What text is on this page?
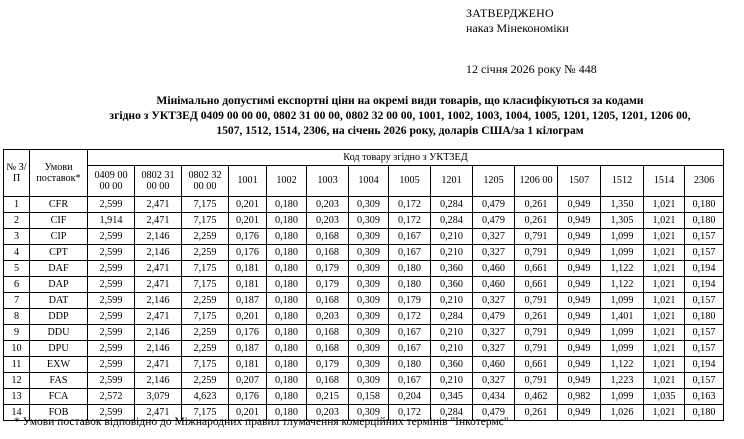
ЗАТВЕРДЖЕНО
наказ Мінекономіки
12 січня 2026 року № 448
Мінімально допустимі експортні ціни на окремі види товарів, що класифікуються за кодами
згідно з УКТЗЕД 0409 00 00 00, 0802 31 00 00, 0802 32 00 00, 1001, 1002, 1003, 1004, 1005, 1201, 1205, 1201, 1206 00,
1507, 1512, 1514, 2306, на січень 2026 року, доларів США/за 1 кілограм
№ З/П	Умови поставок*	Код товару згідно з УКТЗЕД														
		0409 00 00 00	0802 31 00 00	0802 32 00 00	1001	1002	1003	1004	1005	1201	1205	1206 00	1507	1512	1514	2306
1	CFR	2,599	2,471	7,175	0,201	0,180	0,203	0,309	0,172	0,284	0,479	0,261	0,949	1,350	1,021	0,180
2	CIF	1,914	2,471	7,175	0,201	0,180	0,203	0,309	0,172	0,284	0,479	0,261	0,949	1,305	1,021	0,180
3	CIP	2,599	2,146	2,259	0,176	0,180	0,168	0,309	0,167	0,210	0,327	0,791	0,949	1,099	1,021	0,157
4	CPT	2,599	2,146	2,259	0,176	0,180	0,168	0,309	0,167	0,210	0,327	0,791	0,949	1,099	1,021	0,157
5	DAF	2,599	2,471	7,175	0,181	0,180	0,179	0,309	0,180	0,360	0,460	0,661	0,949	1,122	1,021	0,194
6	DAP	2,599	2,471	7,175	0,181	0,180	0,179	0,309	0,180	0,360	0,460	0,661	0,949	1,122	1,021	0,194
7	DAT	2,599	2,146	2,259	0,187	0,180	0,168	0,309	0,179	0,210	0,327	0,791	0,949	1,099	1,021	0,157
8	DDP	2,599	2,471	7,175	0,201	0,180	0,203	0,309	0,172	0,284	0,479	0,261	0,949	1,401	1,021	0,180
9	DDU	2,599	2,146	2,259	0,176	0,180	0,168	0,309	0,167	0,210	0,327	0,791	0,949	1,099	1,021	0,157
10	DPU	2,599	2,146	2,259	0,187	0,180	0,168	0,309	0,167	0,210	0,327	0,791	0,949	1,099	1,021	0,157
11	EXW	2,599	2,471	7,175	0,181	0,180	0,179	0,309	0,180	0,360	0,460	0,661	0,949	1,122	1,021	0,194
12	FAS	2,599	2,146	2,259	0,207	0,180	0,168	0,309	0,167	0,210	0,327	0,791	0,949	1,223	1,021	0,157
13	FCA	2,572	3,079	4,623	0,176	0,180	0,215	0,158	0,204	0,345	0,434	0,462	0,982	1,099	1,035	0,163
14	FOB	2,599	2,471	7,175	0,201	0,180	0,203	0,309	0,172	0,284	0,479	0,261	0,949	1,026	1,021	0,180
* Умови поставок відповідно до Міжнародних правил тлумачення комерційних термінів "Інкотермс"
